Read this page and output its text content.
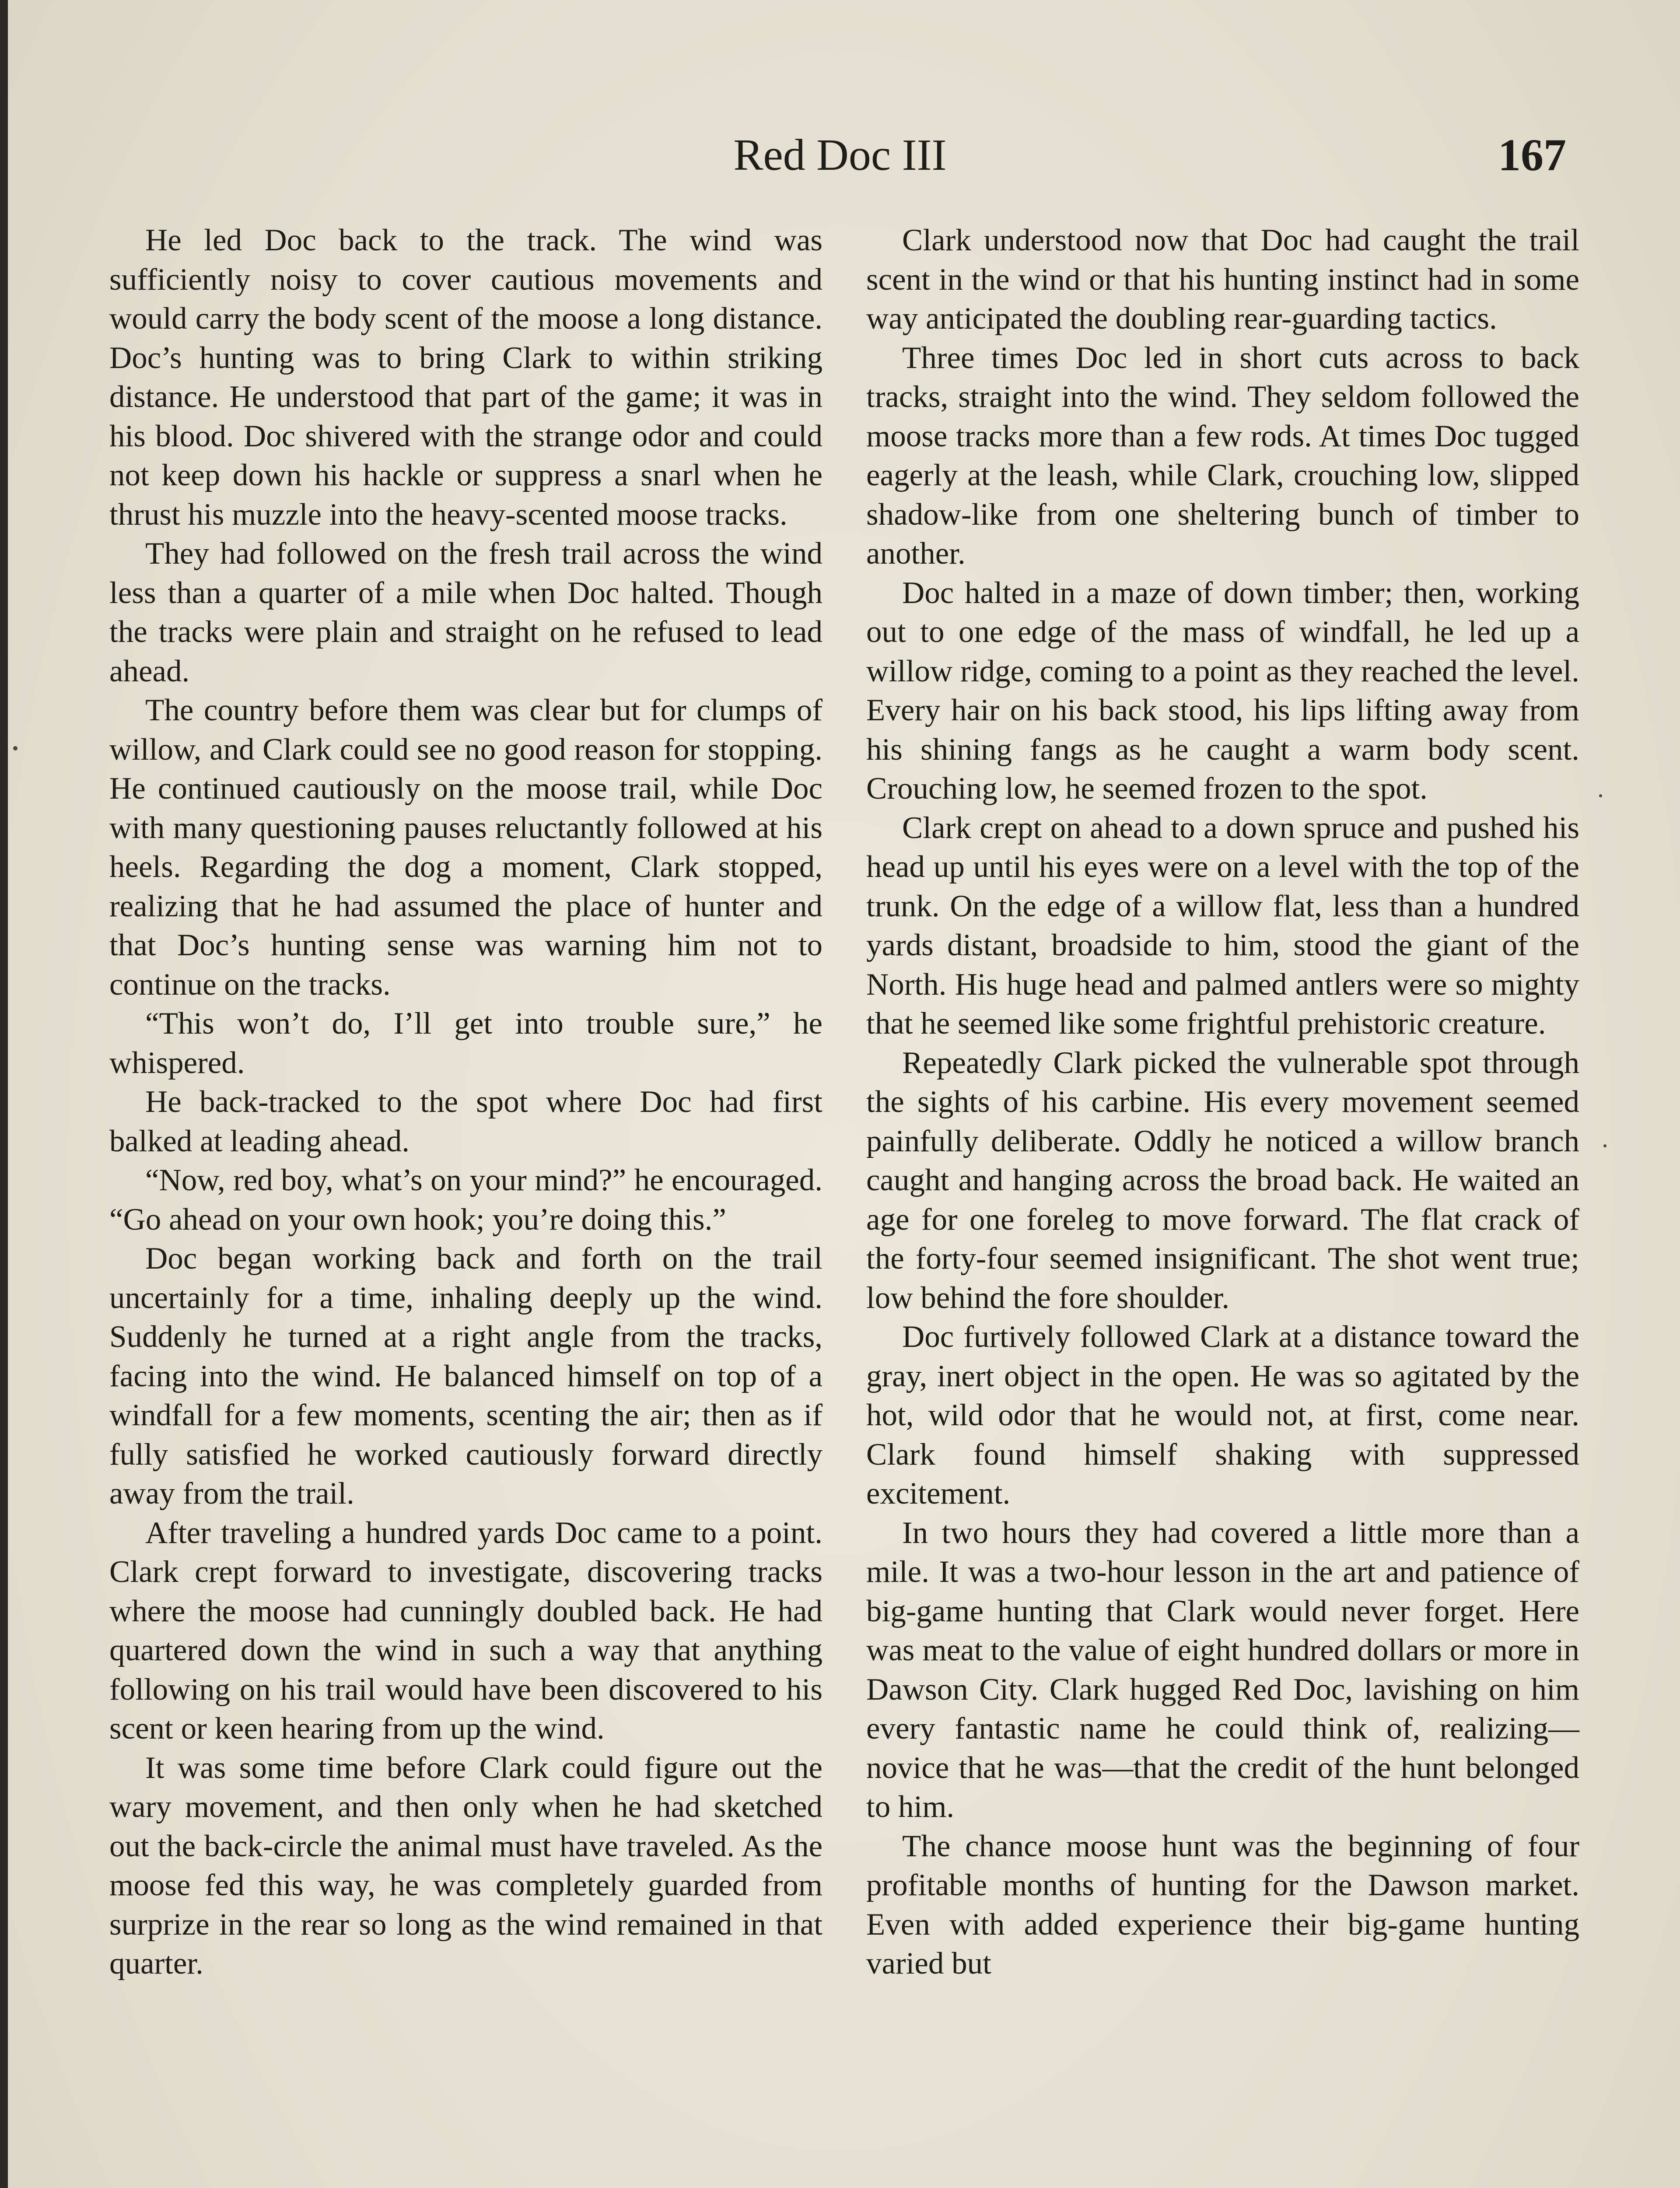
Red Doc III	167

He led Doc back to the track. The wind was sufficiently noisy to cover cautious movements and would carry the body scent of the moose a long distance. Doc’s hunting was to bring Clark to within striking distance. He understood that part of the game; it was in his blood. Doc shivered with the strange odor and could not keep down his hackle or suppress a snarl when he thrust his muzzle into the heavy-scented moose tracks.

They had followed on the fresh trail across the wind less than a quarter of a mile when Doc halted. Though the tracks were plain and straight on he refused to lead ahead.

The country before them was clear but for clumps of willow, and Clark could see no good reason for stopping. He continued cautiously on the moose trail, while Doc with many questioning pauses reluctantly followed at his heels. Regarding the dog a moment, Clark stopped, realizing that he had assumed the place of hunter and that Doc’s hunting sense was warning him not to continue on the tracks.

“This won’t do, I’ll get into trouble sure,” he whispered.

He back-tracked to the spot where Doc had first balked at leading ahead.

“Now, red boy, what’s on your mind?” he encouraged. “Go ahead on your own hook; you’re doing this.”

Doc began working back and forth on the trail uncertainly for a time, inhaling deeply up the wind. Suddenly he turned at a right angle from the tracks, facing into the wind. He balanced himself on top of a windfall for a few moments, scenting the air; then as if fully satisfied he worked cautiously forward directly away from the trail.

After traveling a hundred yards Doc came to a point. Clark crept forward to investigate, discovering tracks where the moose had cunningly doubled back. He had quartered down the wind in such a way that anything following on his trail would have been discovered to his scent or keen hearing from up the wind.

It was some time before Clark could figure out the wary movement, and then only when he had sketched out the back-circle the animal must have traveled. As the moose fed this way, he was completely guarded from surprize in the rear so long as the wind remained in that quarter.

Clark understood now that Doc had caught the trail scent in the wind or that his hunting instinct had in some way anticipated the doubling rear-guarding tactics.

Three times Doc led in short cuts across to back tracks, straight into the wind. They seldom followed the moose tracks more than a few rods. At times Doc tugged eagerly at the leash, while Clark, crouching low, slipped shadow-like from one sheltering bunch of timber to another.

Doc halted in a maze of down timber; then, working out to one edge of the mass of windfall, he led up a willow ridge, coming to a point as they reached the level. Every hair on his back stood, his lips lifting away from his shining fangs as he caught a warm body scent. Crouching low, he seemed frozen to the spot.

Clark crept on ahead to a down spruce and pushed his head up until his eyes were on a level with the top of the trunk. On the edge of a willow flat, less than a hundred yards distant, broadside to him, stood the giant of the North. His huge head and palmed antlers were so mighty that he seemed like some frightful prehistoric creature.

Repeatedly Clark picked the vulnerable spot through the sights of his carbine. His every movement seemed painfully deliberate. Oddly he noticed a willow branch caught and hanging across the broad back. He waited an age for one foreleg to move forward. The flat crack of the forty-four seemed insignificant. The shot went true; low behind the fore shoulder.

Doc furtively followed Clark at a distance toward the gray, inert object in the open. He was so agitated by the hot, wild odor that he would not, at first, come near. Clark found himself shaking with suppressed excitement.

In two hours they had covered a little more than a mile. It was a two-hour lesson in the art and patience of big-game hunting that Clark would never forget. Here was meat to the value of eight hundred dollars or more in Dawson City. Clark hugged Red Doc, lavishing on him every fantastic name he could think of, realizing—novice that he was—that the credit of the hunt belonged to him.

The chance moose hunt was the beginning of four profitable months of hunting for the Dawson market. Even with added experience their big-game hunting varied but
